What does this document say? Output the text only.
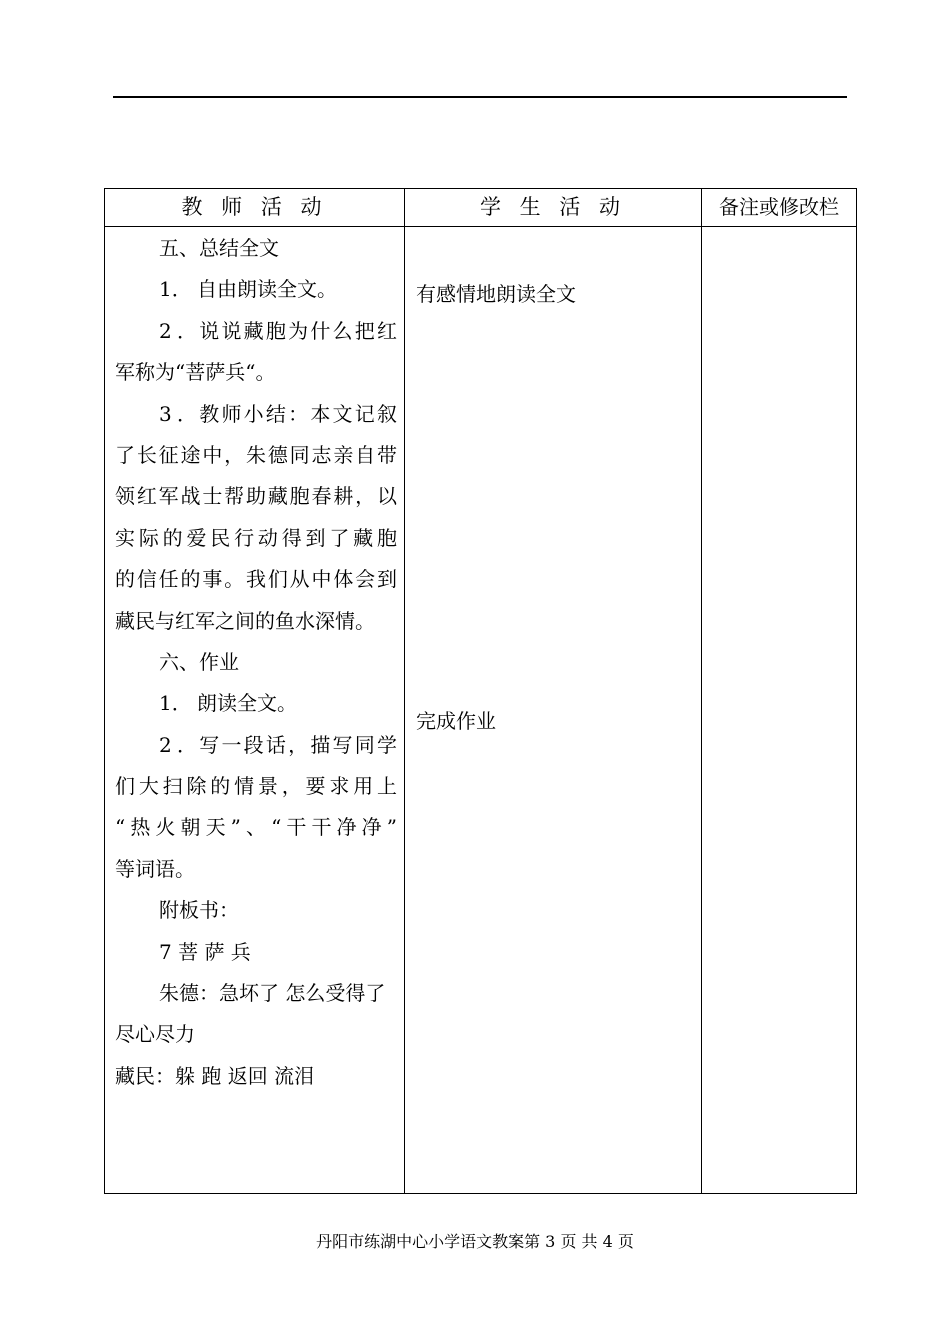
教 师 活 动	学 生 活 动	备注或修改栏
五、总结全文
1． 自由朗读全文。
2．说说藏胞为什么把红
军称为“菩萨兵“。
3．教师小结：本文记叙
了长征途中，朱德同志亲自带
领红军战士帮助藏胞春耕，以
实际的爱民行动得到了藏胞
的信任的事。我们从中体会到
藏民与红军之间的鱼水深情。
六、作业
1． 朗读全文。
2．写一段话，描写同学
们大扫除的情景，要求用上
“热火朝天”、“干干净净”
等词语。
附板书：
7 菩 萨 兵
朱德：急坏了 怎么受得了
尽心尽力
藏民：躲 跑 返回 流泪
有感情地朗读全文
完成作业
丹阳市练湖中心小学语文教案第 3 页 共 4 页
